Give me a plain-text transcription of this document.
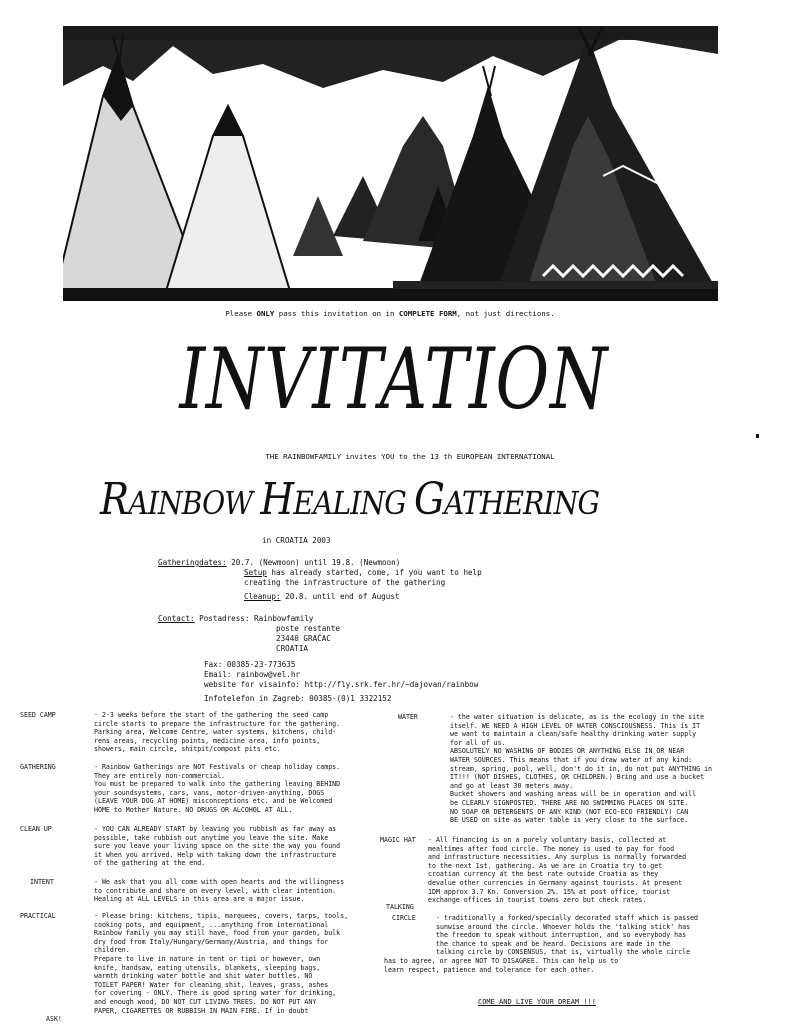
Please ONLY pass this invitation on in COMPLETE FORM, not just directions.
INVITATION
THE RAINBOWFAMILY invites YOU to the 13 th EUROPEAN INTERNATIONAL
RAINBOW HEALING GATHERING
in CROATIA 2003
Gatheringdates: 20.7. (Newmoon) until 19.8. (Newmoon)
Setup has already started, come, if you want to help
creating the infrastructure of the gathering
Cleanup: 20.8. until end of August
Contact: Postadress: Rainbowfamily
poste restante
23440 GRAČAC
CROATIA
Fax: 00385-23-773635
Email: rainbow@vel.hr
website for visainfo: http://fly.srk.fer.hr/~dajovan/rainbow
Infotelefon in Zagreb: 00385-(0)1 3322152
SEED CAMP	- 2-3 weeks before the start of the gathering the seed camp
circle starts to prepare the infrastructure for the gathering.
Parking area, Welcome Centre, water systems, kitchens, child-
rens areas, recycling points, medicine area, info points,
showers, main circle, shitpit/compost pits etc.
GATHERING	- Rainbow Gatherings are NOT Festivals or cheap holiday camps.
They are entirely non-commercial.
You must be prepared to walk into the gathering leaving BEHIND
your soundsystems, cars, vans, motor-driven-anything, DOGS
(LEAVE YOUR DOG AT HOME) misconceptions etc. and be Welcomed
HOME to Mother Nature. NO DRUGS OR ALCOHOL AT ALL.
CLEAN UP	- YOU CAN ALREADY START by leaving you rubbish as far away as
possible, take rubbish out anytime you leave the site. Make
sure you leave your living space on the site the way you found
it when you arrived. Help with taking down the infrastructure
of the gathering at the end.
INTENT	- We ask that you all come with open hearts and the willingness
to contribute and share on every level, with clear intention.
Healing at ALL LEVELS in this area are a major issue.
PRACTICAL	- Please bring: kitchens, tipis, marquees, covers, tarps, tools,
cooking pots, and equipment, ...anything from international
Rainbow family you may still have, food from your garden, bulk
dry food from Italy/Hungary/Germany/Austria, and things for
children.
Prepare to live in nature in tent or tipi or however, own
knife, handsaw, eating utensils, blankets, sleeping bags,
warmth drinking water bottle and shit water bottles. NO
TOILET PAPER! Water for cleaning shit, leaves, grass, ashes
for covering - ONLY. There is good spring water for drinking,
and enough wood, DO NOT CUT LIVING TREES. DO NOT PUT ANY
PAPER, CIGARETTES OR RUBBISH IN MAIN FIRE. If in doubt
ASK!
WATER	- the water situation is delicate, as is the ecology in the site
itself. WE NEED A HIGH LEVEL OF WATER CONSCIOUSNESS. This is IT
we want to maintain a clean/safe healthy drinking water supply
for all of us.
ABSOLUTELY NO WASHING OF BODIES OR ANYTHING ELSE IN OR NEAR
WATER SOURCES. This means that if you draw water of any kind:
stream, spring, pool, well, don't do it in, do not put ANYTHING in
IT!!! (NOT DISHES, CLOTHES, OR CHILDREN.) Bring and use a bucket
and go at least 30 meters away.
Bucket showers and washing areas will be in operation and will
be CLEARLY SIGNPOSTED. THERE ARE NO SWIMMING PLACES ON SITE.
NO SOAP OR DETERGENTS OF ANY KIND (NOT ECO-ECO FRIENDLY) CAN
BE USED on site as water table is very close to the surface.
MAGIC HAT	- All financing is on a purely voluntary basis, collected at
mealtimes after food circle. The money is used to pay for food
and infrastructure necessities. Any surplus is normally forwarded
to the next 1st. gathering. As we are in Croatia try to get
croatian currency at the best rate outside Croatia as they
devalue other currencies in Germany against tourists. At present
1DM approx 3.7 Kn. Conversion 2%. 15% at post office, tourist
exchange offices in tourist towns zero but check rates.
TALKING
CIRCLE	- traditionally a forked/specially decorated staff which is passed
sunwise around the circle. Whoever holds the 'talking stick' has
the freedom to speak without interruption, and so everybody has
the chance to speak and be heard. Decisions are made in the
talking circle by CONSENSUS, that is, virtually the whole circle
has to agree, or agree NOT TO DISAGREE. This can help us to
learn respect, patience and tolerance for each other.
COME AND LIVE YOUR DREAM !!!
